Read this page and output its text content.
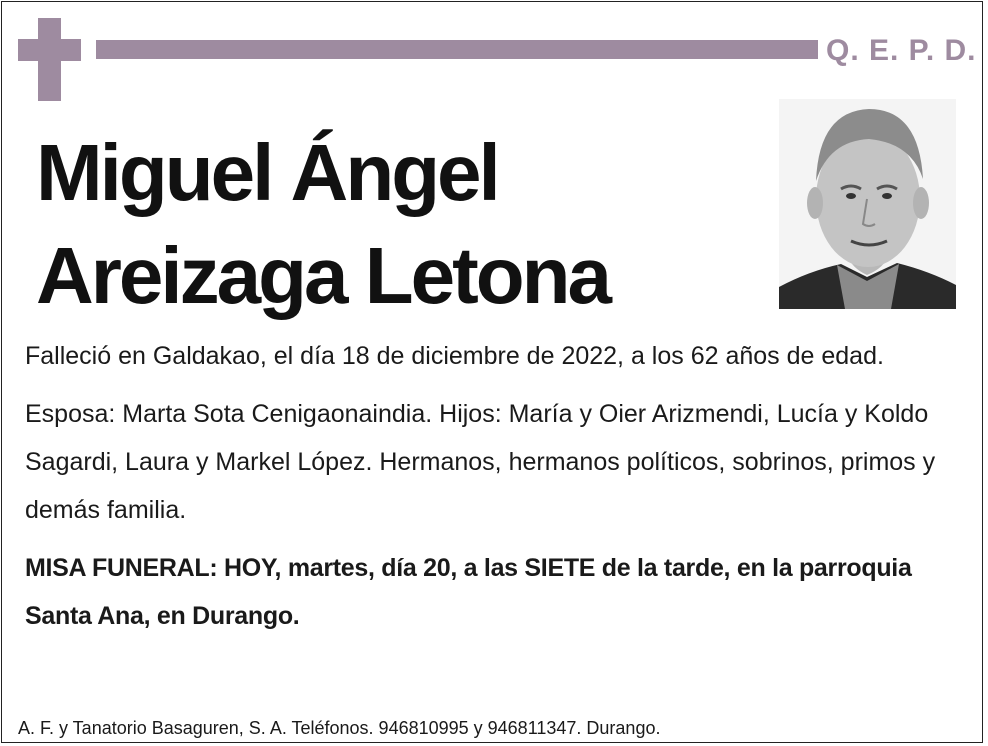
Q. E. P. D.
Miguel Ángel
Areizaga Letona
Falleció en Galdakao, el día 18 de diciembre de 2022, a los 62 años de edad.
Esposa: Marta Sota Cenigaonaindia. Hijos: María y Oier Arizmendi, Lucía y Koldo Sagardi, Laura y Markel López. Hermanos, hermanos políticos, sobrinos, primos y demás familia.
MISA FUNERAL: HOY, martes, día 20, a las SIETE de la tarde, en la parroquia Santa Ana, en Durango.
A. F. y Tanatorio Basaguren, S. A. Teléfonos. 946810995 y 946811347. Durango.
